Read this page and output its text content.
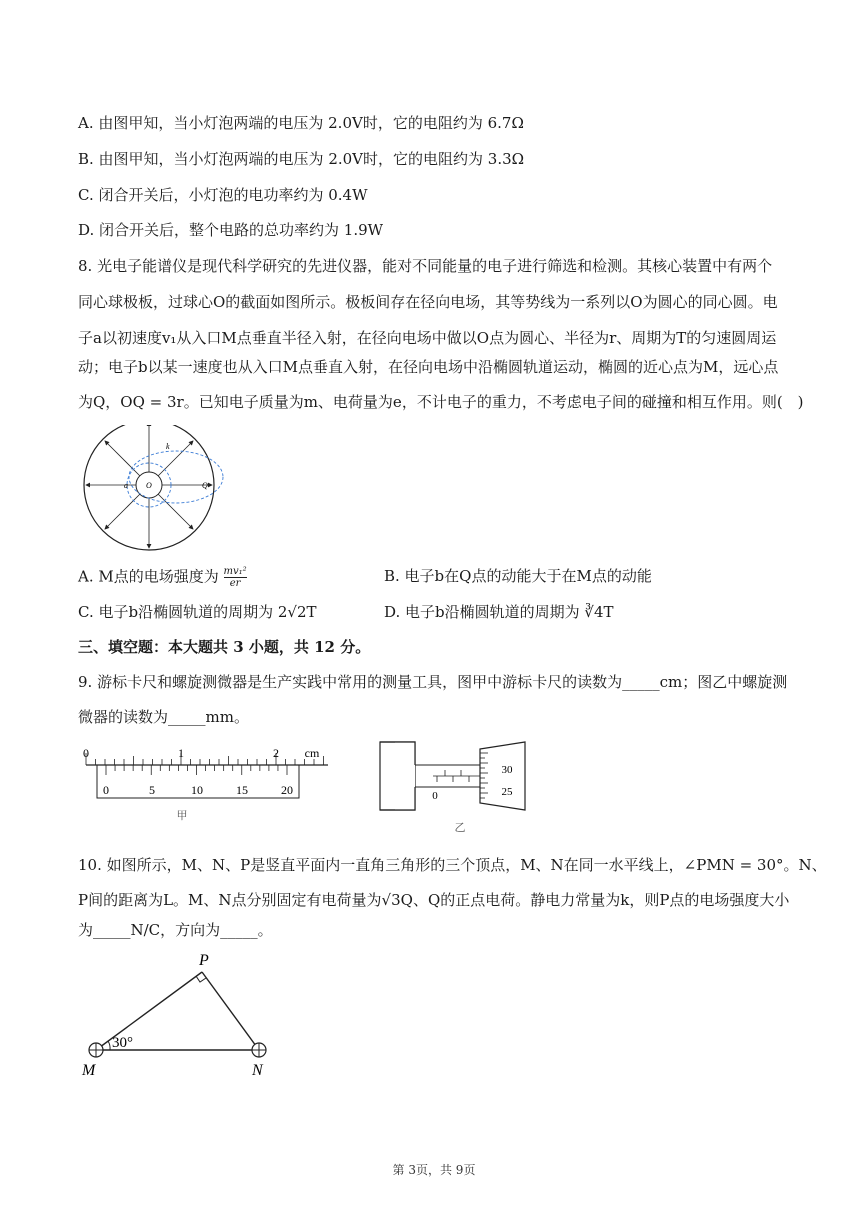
A. 由图甲知，当小灯泡两端的电压为 2.0V时，它的电阻约为 6.7Ω
B. 由图甲知，当小灯泡两端的电压为 2.0V时，它的电阻约为 3.3Ω
C. 闭合开关后，小灯泡的电功率约为 0.4W
D. 闭合开关后，整个电路的总功率约为 1.9W
8. 光电子能谱仪是现代科学研究的先进仪器，能对不同能量的电子进行筛选和检测。其核心装置中有两个
同心球极板，过球心O的截面如图所示。极板间存在径向电场，其等势线为一系列以O为圆心的同心圆。电
子a以初速度v₁从入口M点垂直半径入射，在径向电场中做以O点为圆心、半径为r、周期为T的匀速圆周运
动；电子b以某一速度也从入口M点垂直入射，在径向电场中沿椭圆轨道运动，椭圆的近心点为M，远心点
为Q，OQ = 3r。已知电子质量为m、电荷量为e，不计电子的重力，不考虑电子间的碰撞和相互作用。则(　)
k
a O	Q
A. M点的电场强度为 $\frac{\text{mv₁²}}{er}$	B. 电子b在Q点的动能大于在M点的动能
C. 电子b沿椭圆轨道的周期为 2√2T	D. 电子b沿椭圆轨道的周期为 ∛4T
三、填空题：本大题共 3 小题，共 12 分。
9. 游标卡尺和螺旋测微器是生产实践中常用的测量工具，图甲中游标卡尺的读数为_____cm；图乙中螺旋测
微器的读数为_____mm。
0	1	2 cm
0	5	10	15	20
甲
0
30
25
乙
10. 如图所示，M、N、P是竖直平面内一直角三角形的三个顶点，M、N在同一水平线上，∠PMN = 30°。N、
P间的距离为L。M、N点分别固定有电荷量为√3Q、Q的正点电荷。静电力常量为k，则P点的电场强度大小
为_____N/C，方向为_____。
P
M	N
30°
第 3页，共 9页
